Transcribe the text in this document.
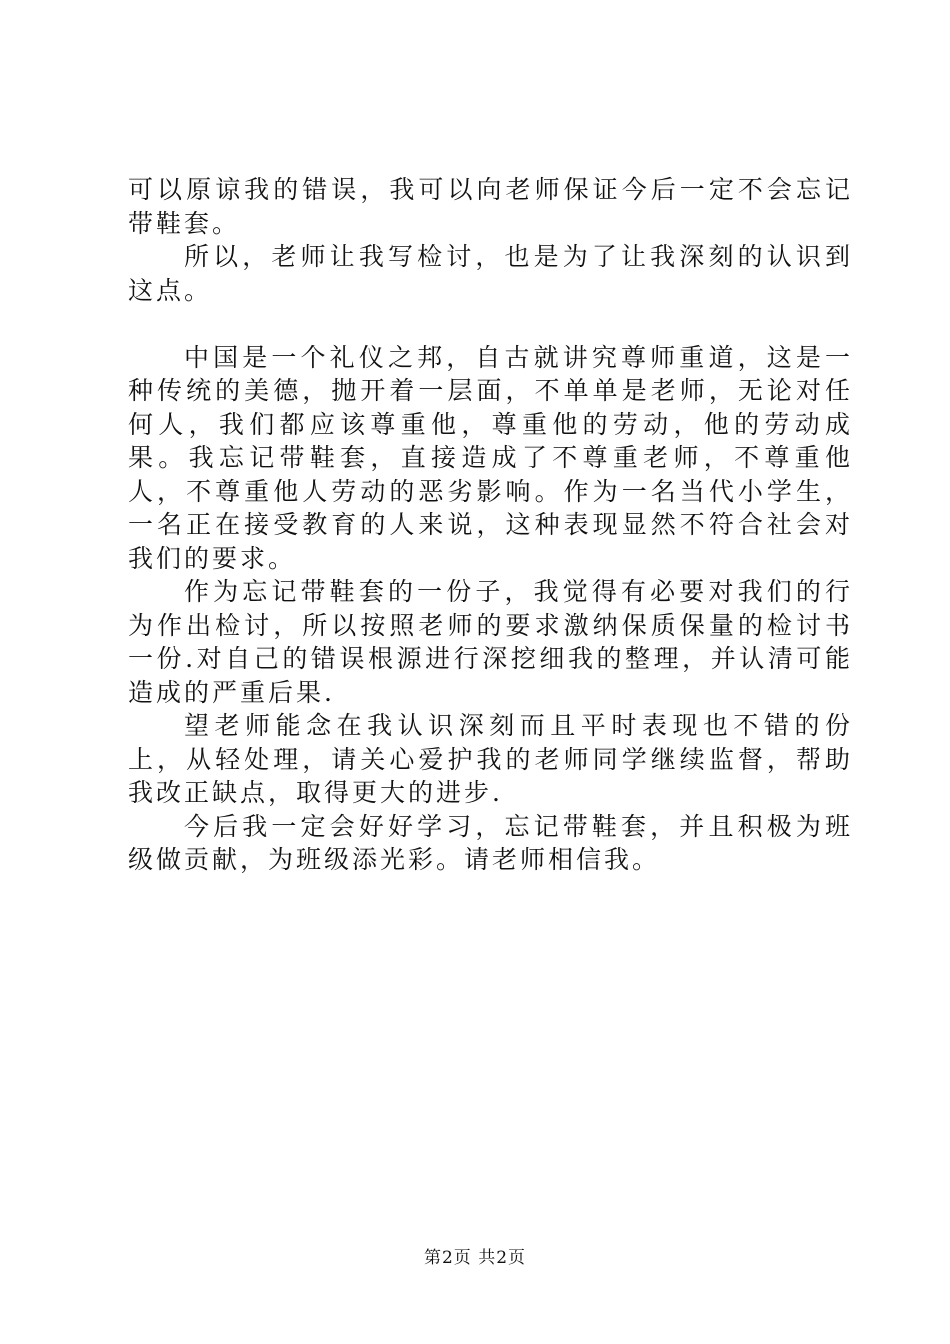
可以原谅我的错误，我可以向老师保证今后一定不会忘记带鞋套。

所以，老师让我写检讨，也是为了让我深刻的认识到这点。

中国是一个礼仪之邦，自古就讲究尊师重道，这是一种传统的美德，抛开着一层面，不单单是老师，无论对任何人，我们都应该尊重他，尊重他的劳动，他的劳动成果。我忘记带鞋套，直接造成了不尊重老师，不尊重他人，不尊重他人劳动的恶劣影响。作为一名当代小学生，一名正在接受教育的人来说，这种表现显然不符合社会对我们的要求。

作为忘记带鞋套的一份子，我觉得有必要对我们的行为作出检讨，所以按照老师的要求激纳保质保量的检讨书一份.对自己的错误根源进行深挖细我的整理，并认清可能造成的严重后果.

望老师能念在我认识深刻而且平时表现也不错的份上，从轻处理，请关心爱护我的老师同学继续监督，帮助我改正缺点，取得更大的进步.

今后我一定会好好学习，忘记带鞋套，并且积极为班级做贡献，为班级添光彩。请老师相信我。

第2页 共2页
